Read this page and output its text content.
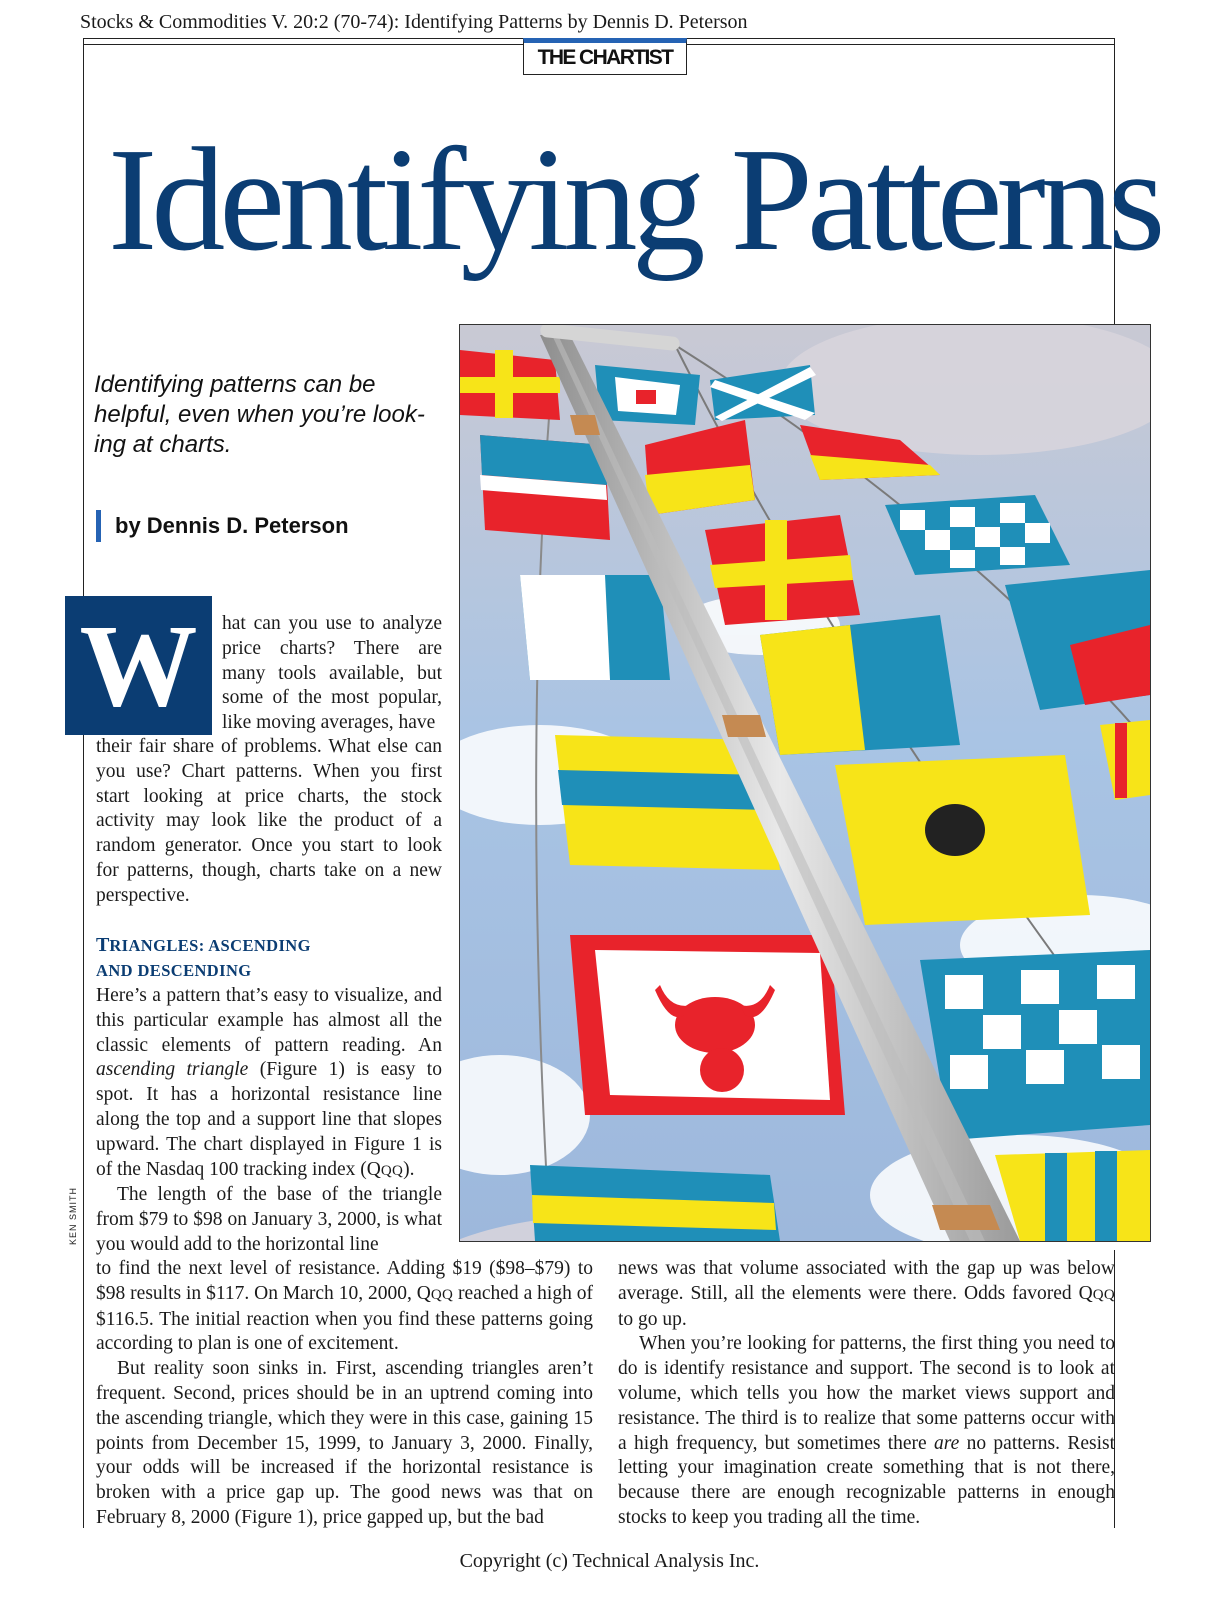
Stocks & Commodities V. 20:2 (70-74): Identifying Patterns by Dennis D. Peterson
THE CHARTIST
Identifying Patterns
Identifying patterns can be helpful, even when you’re look-ing at charts.
by Dennis D. Peterson
W
KEN SMITH

hat can you use to analyze price charts? There are many tools available, but some of the most popular, like moving averages, have

their fair share of problems. What else can you use? Chart patterns. When you first start looking at price charts, the stock activity may look like the product of a random generator. Once you start to look for patterns, though, charts take on a new perspective.

TRIANGLES: ASCENDING
AND DESCENDING

Here’s a pattern that’s easy to visualize, and this particular example has almost all the classic elements of pattern reading. An ascending triangle (Figure 1) is easy to spot. It has a horizontal resistance line along the top and a support line that slopes upward. The chart displayed in Figure 1 is of the Nasdaq 100 tracking index (QQQ).

The length of the base of the triangle from $79 to $98 on January 3, 2000, is what you would add to the horizontal line

to find the next level of resistance. Adding $19 ($98–$79) to $98 results in $117. On March 10, 2000, QQQ reached a high of $116.5. The initial reaction when you find these patterns going according to plan is one of excitement.

But reality soon sinks in. First, ascending triangles aren’t frequent. Second, prices should be in an uptrend coming into the ascending triangle, which they were in this case, gaining 15 points from December 15, 1999, to January 3, 2000. Finally, your odds will be increased if the horizontal resistance is broken with a price gap up. The good news was that on February 8, 2000 (Figure 1), price gapped up, but the bad

news was that volume associated with the gap up was below average. Still, all the elements were there. Odds favored QQQ to go up.

When you’re looking for patterns, the first thing you need to do is identify resistance and support. The second is to look at volume, which tells you how the market views support and resistance. The third is to realize that some patterns occur with a high frequency, but sometimes there are no patterns. Resist letting your imagination create something that is not there, because there are enough recognizable patterns in enough stocks to keep you trading all the time.

Copyright (c) Technical Analysis Inc.
